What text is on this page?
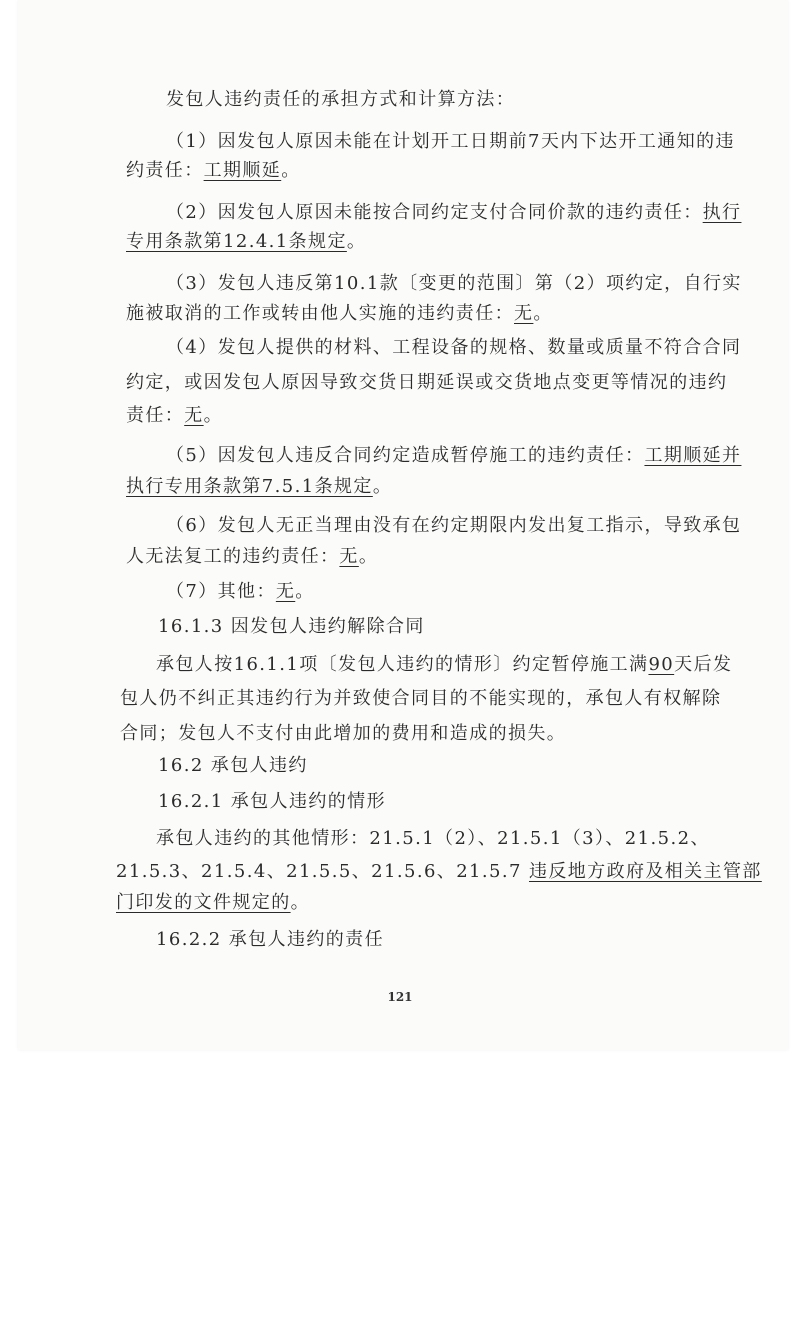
发包人违约责任的承担方式和计算方法：
（1）因发包人原因未能在计划开工日期前7天内下达开工通知的违
约责任：工期顺延。
（2）因发包人原因未能按合同约定支付合同价款的违约责任：执行
专用条款第12.4.1条规定。
（3）发包人违反第10.1款〔变更的范围〕第（2）项约定，自行实
施被取消的工作或转由他人实施的违约责任：无。
（4）发包人提供的材料、工程设备的规格、数量或质量不符合合同
约定，或因发包人原因导致交货日期延误或交货地点变更等情况的违约
责任：无。
（5）因发包人违反合同约定造成暂停施工的违约责任：工期顺延并
执行专用条款第7.5.1条规定。
（6）发包人无正当理由没有在约定期限内发出复工指示，导致承包
人无法复工的违约责任：无。
（7）其他：无。
16.1.3 因发包人违约解除合同
承包人按16.1.1项〔发包人违约的情形〕约定暂停施工满90天后发
包人仍不纠正其违约行为并致使合同目的不能实现的，承包人有权解除
合同；发包人不支付由此增加的费用和造成的损失。
16.2 承包人违约
16.2.1 承包人违约的情形
承包人违约的其他情形：21.5.1（2）、21.5.1（3）、21.5.2、
21.5.3、21.5.4、21.5.5、21.5.6、21.5.7 违反地方政府及相关主管部
门印发的文件规定的。
16.2.2 承包人违约的责任
121
